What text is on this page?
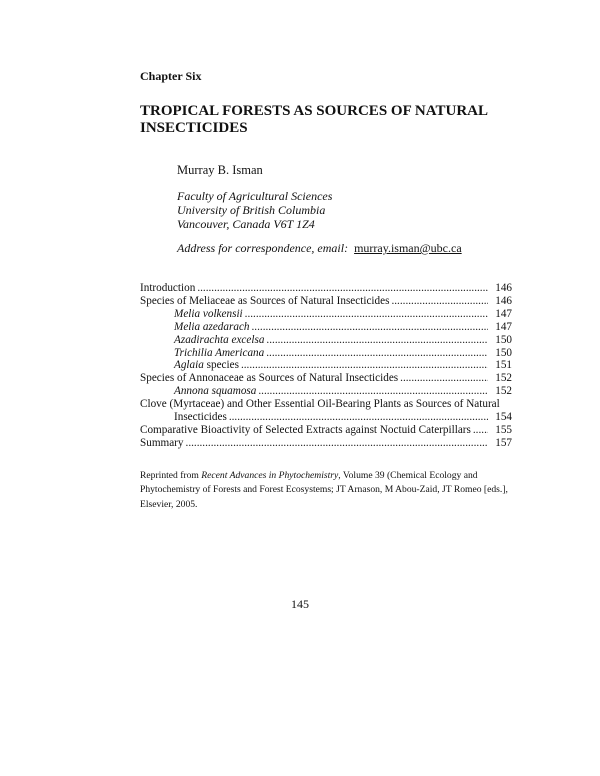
Chapter Six
TROPICAL FORESTS AS SOURCES OF NATURAL
INSECTICIDES
Murray B. Isman
Faculty of Agricultural Sciences
University of British Columbia
Vancouver, Canada V6T 1Z4
Address for correspondence, email: murray.isman@ubc.ca
Introduction .....	146
Species of Meliaceae as Sources of Natural Insecticides .....	146
Melia volkensii .....	147
Melia azedarach .....	147
Azadirachta excelsa .....	150
Trichilia Americana .....	150
Aglaia species .....	151
Species of Annonaceae as Sources of Natural Insecticides .....	152
Annona squamosa .....	152
Clove (Myrtaceae) and Other Essential Oil-Bearing Plants as Sources of Natural
Insecticides .....	154
Comparative Bioactivity of Selected Extracts against Noctuid Caterpillars .....	155
Summary .....	157
Reprinted from Recent Advances in Phytochemistry, Volume 39 (Chemical Ecology and Phytochemistry of Forests and Forest Ecosystems; JT Arnason, M Abou-Zaid, JT Romeo [eds.], Elsevier, 2005.
145
